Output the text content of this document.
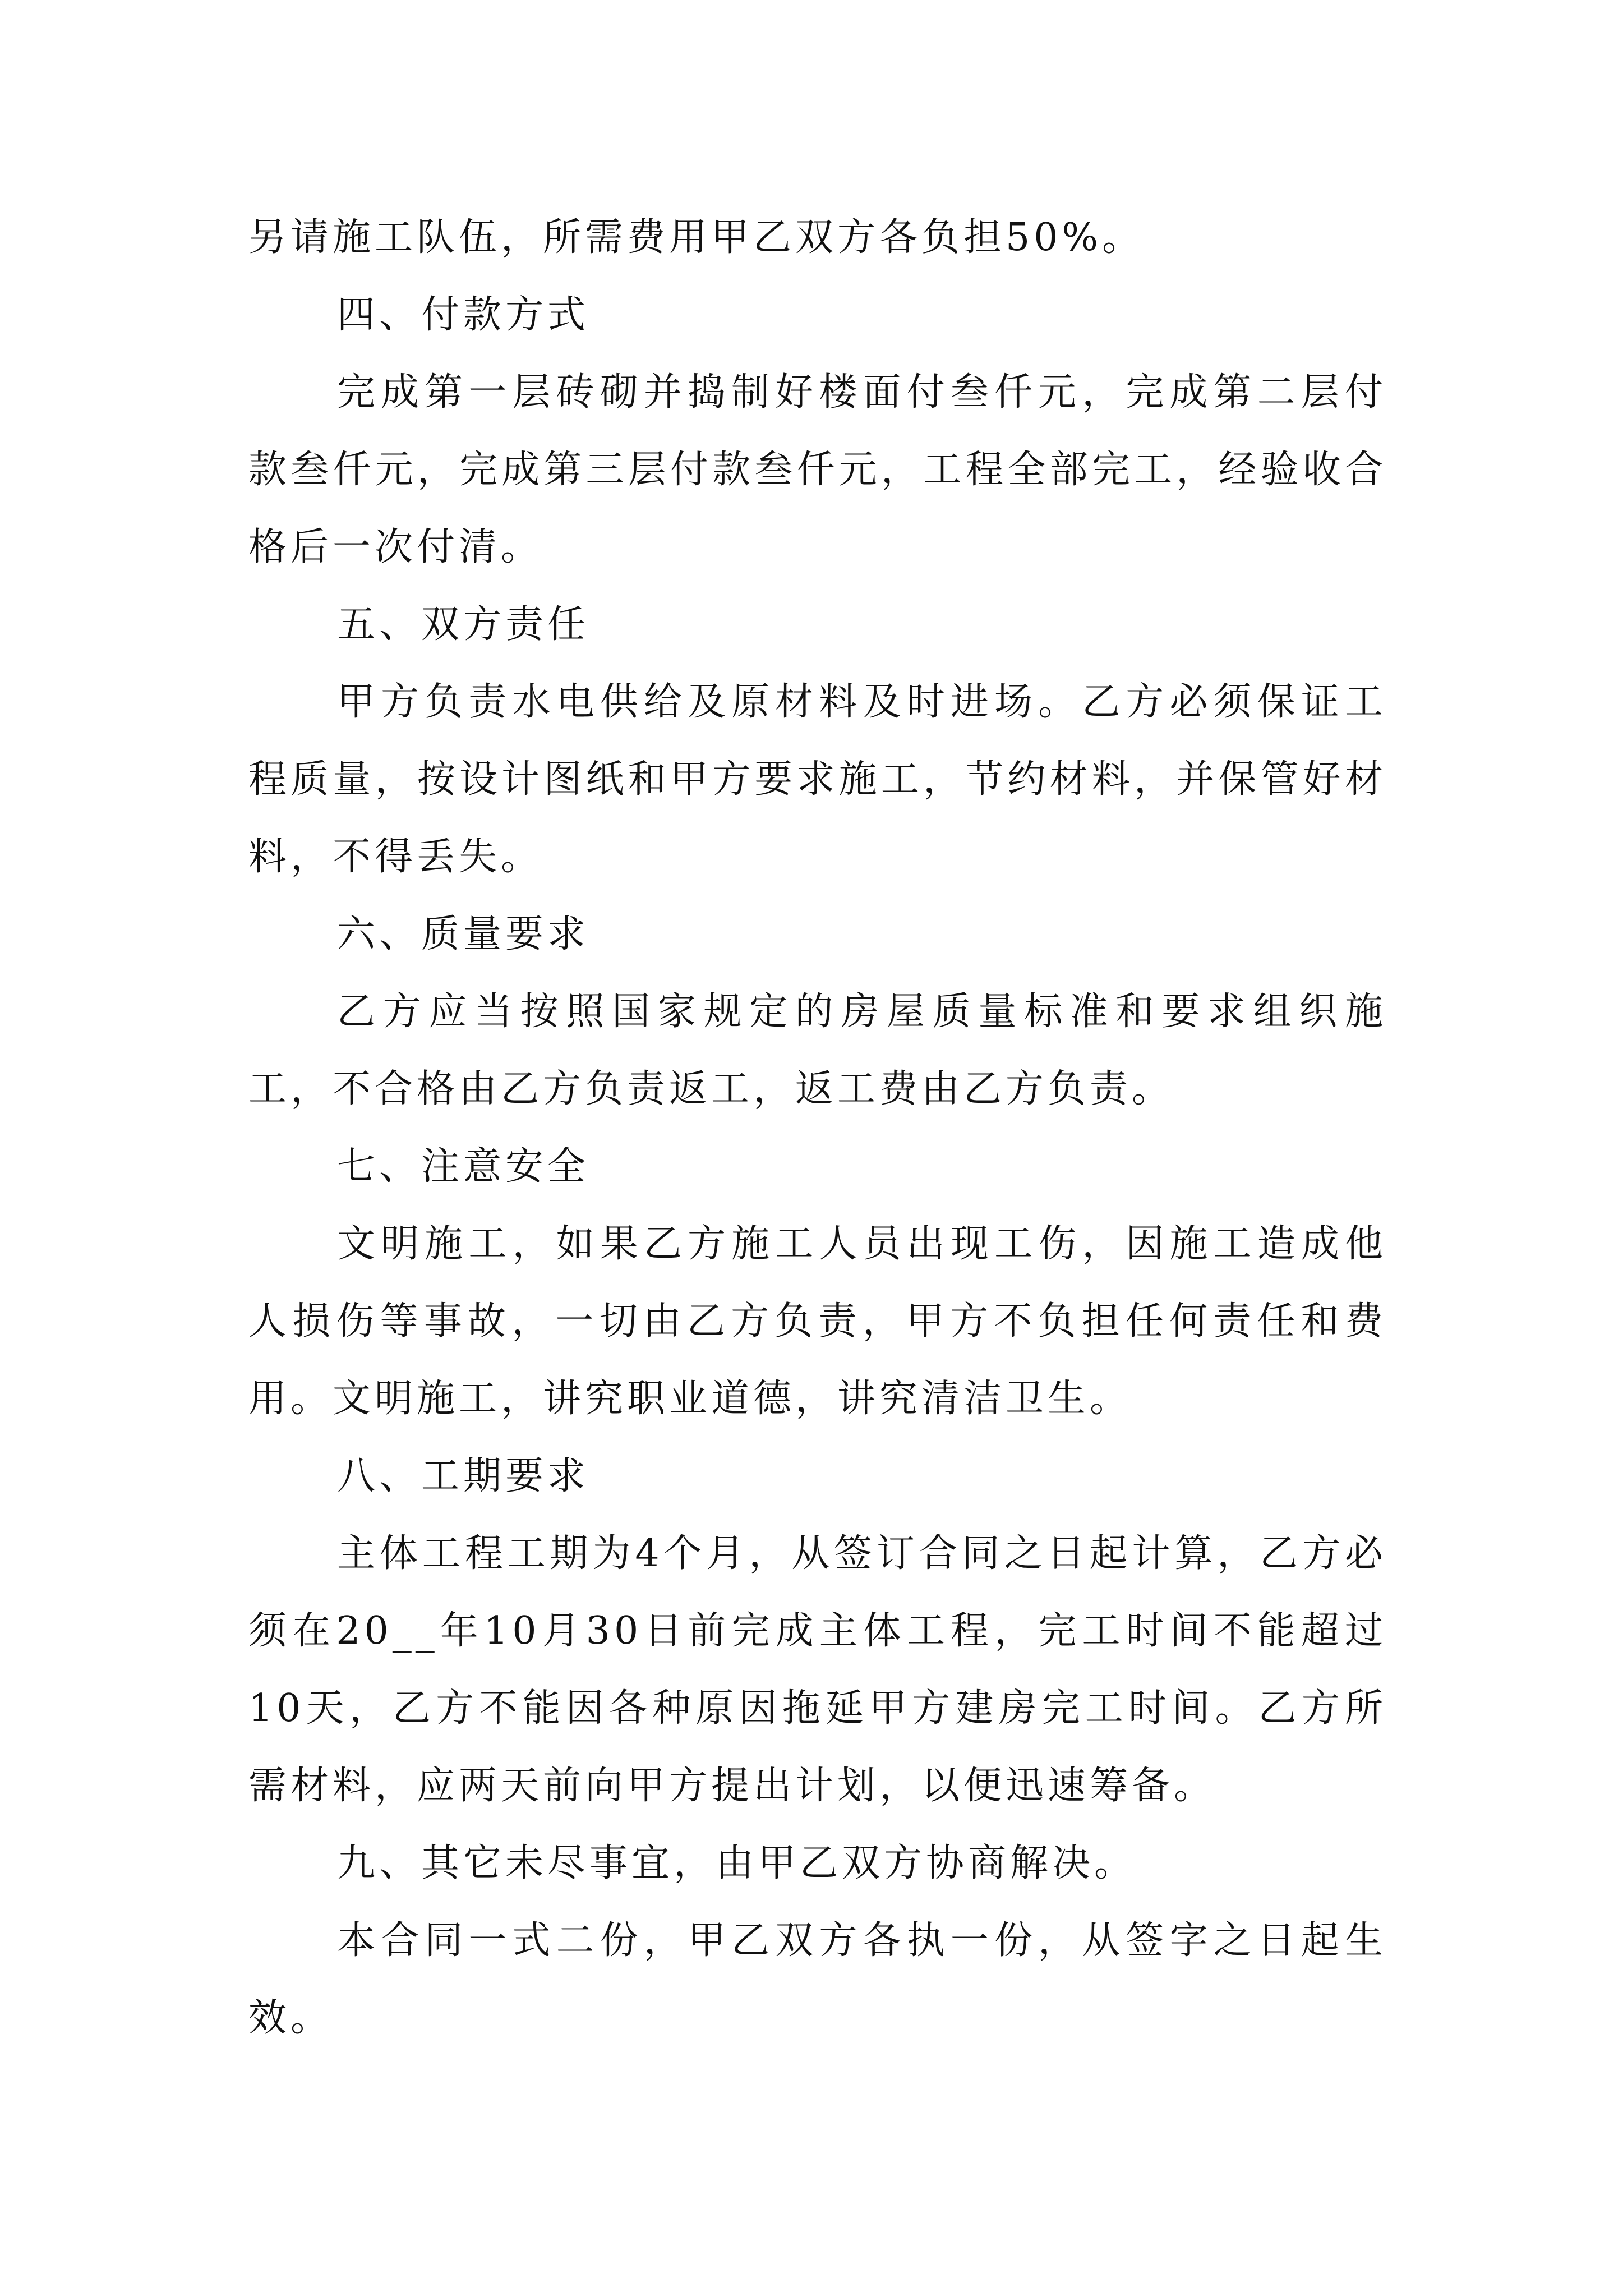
另请施工队伍，所需费用甲乙双方各负担50%。

四、付款方式

完成第一层砖砌并捣制好楼面付叁仟元，完成第二层付款叁仟元，完成第三层付款叁仟元，工程全部完工，经验收合格后一次付清。

五、双方责任

甲方负责水电供给及原材料及时进场。乙方必须保证工程质量，按设计图纸和甲方要求施工，节约材料，并保管好材料，不得丢失。

六、质量要求

乙方应当按照国家规定的房屋质量标准和要求组织施工，不合格由乙方负责返工，返工费由乙方负责。

七、注意安全

文明施工，如果乙方施工人员出现工伤，因施工造成他人损伤等事故，一切由乙方负责，甲方不负担任何责任和费用。文明施工，讲究职业道德，讲究清洁卫生。

八、工期要求

主体工程工期为4个月，从签订合同之日起计算，乙方必须在20__年10月30日前完成主体工程，完工时间不能超过10天，乙方不能因各种原因拖延甲方建房完工时间。乙方所需材料，应两天前向甲方提出计划，以便迅速筹备。

九、其它未尽事宜，由甲乙双方协商解决。

本合同一式二份，甲乙双方各执一份，从签字之日起生效。
